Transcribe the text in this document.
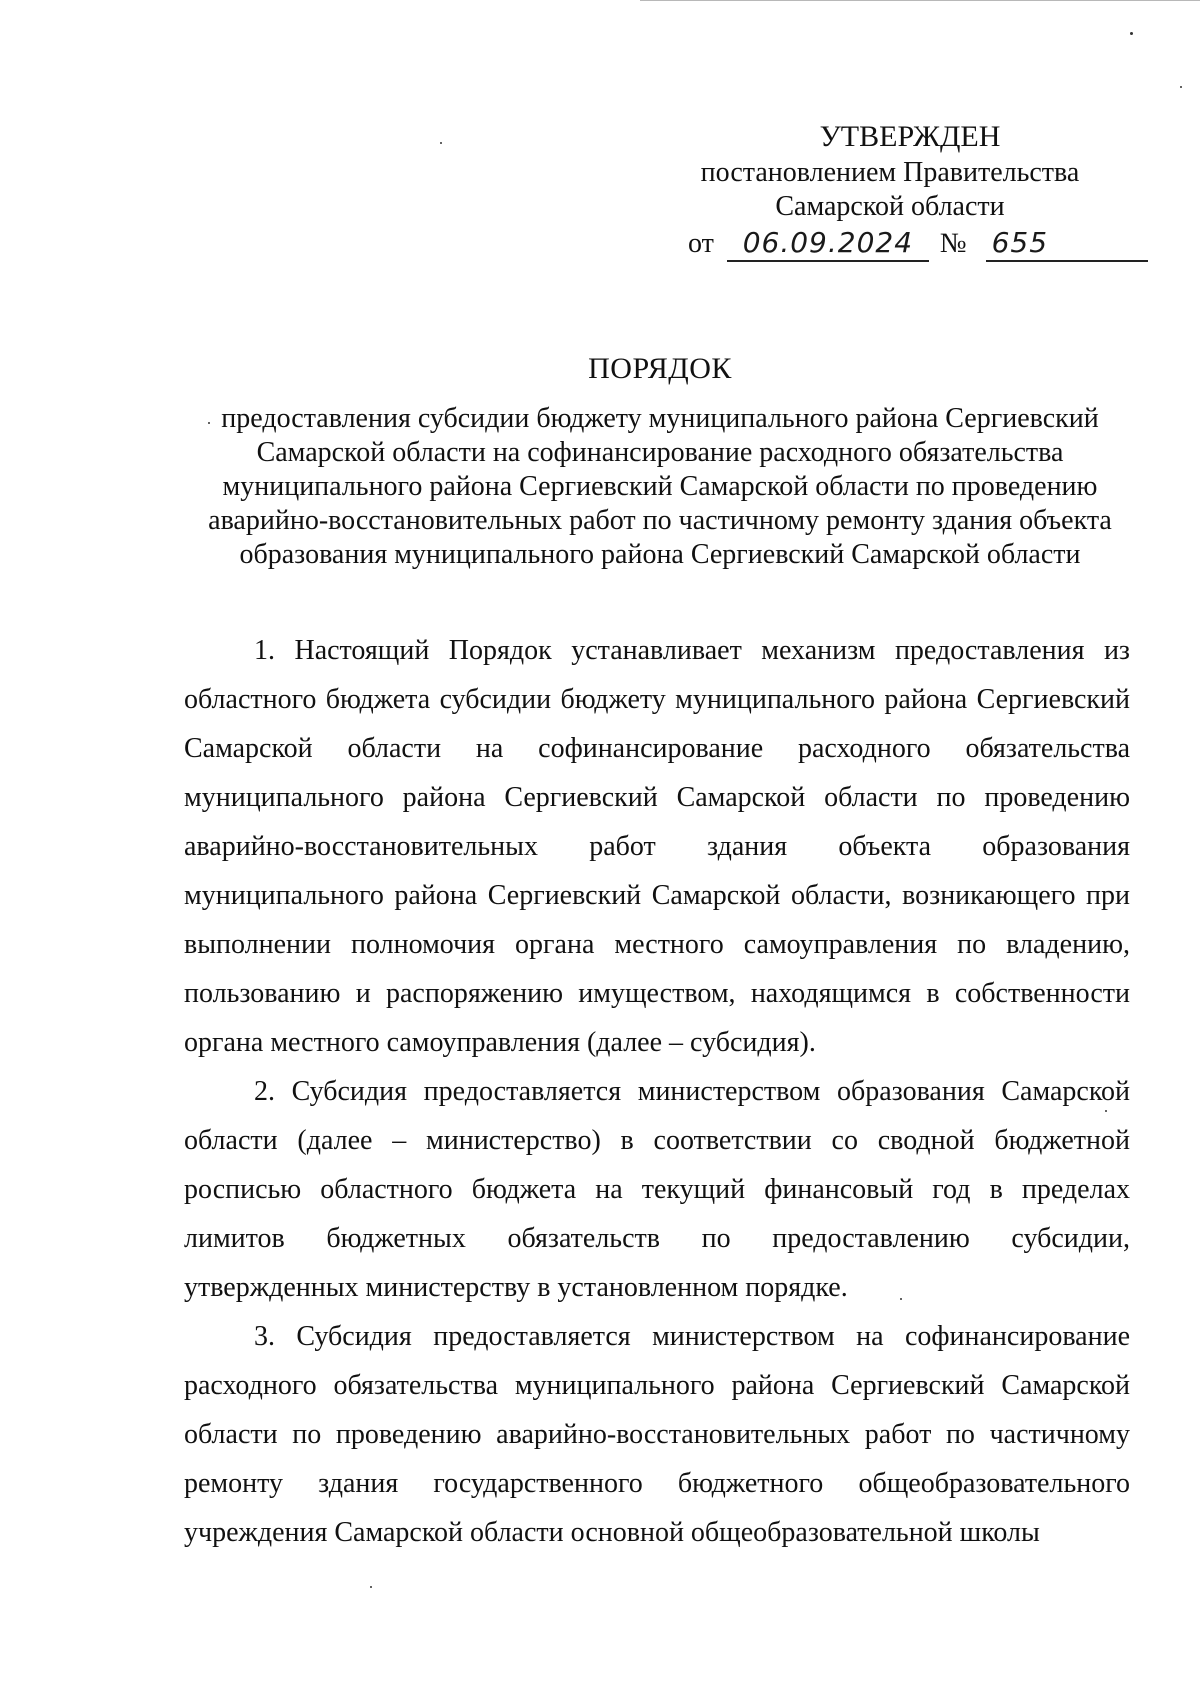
УТВЕРЖДЕН
постановлением Правительства
Самарской области
от 06.09.2024 № 655
ПОРЯДОК
предоставления субсидии бюджету муниципального района Сергиевский Самарской области на софинансирование расходного обязательства муниципального района Сергиевский Самарской области по проведению аварийно-восстановительных работ по частичному ремонту здания объекта образования муниципального района Сергиевский Самарской области

1. Настоящий Порядок устанавливает механизм предоставления из областного бюджета субсидии бюджету муниципального района Сергиевский Самарской области на софинансирование расходного обязательства муниципального района Сергиевский Самарской области по проведению аварийно-восстановительных работ здания объекта образования муниципального района Сергиевский Самарской области, возникающего при выполнении полномочия органа местного самоуправления по владению, пользованию и распоряжению имуществом, находящимся в собственности органа местного самоуправления (далее – субсидия).

2. Субсидия предоставляется министерством образования Самарской области (далее – министерство) в соответствии со сводной бюджетной росписью областного бюджета на текущий финансовый год в пределах лимитов бюджетных обязательств по предоставлению субсидии, утвержденных министерству в установленном порядке.

3. Субсидия предоставляется министерством на софинансирование расходного обязательства муниципального района Сергиевский Самарской области по проведению аварийно-восстановительных работ по частичному ремонту здания государственного бюджетного общеобразовательного учреждения Самарской области основной общеобразовательной школы
